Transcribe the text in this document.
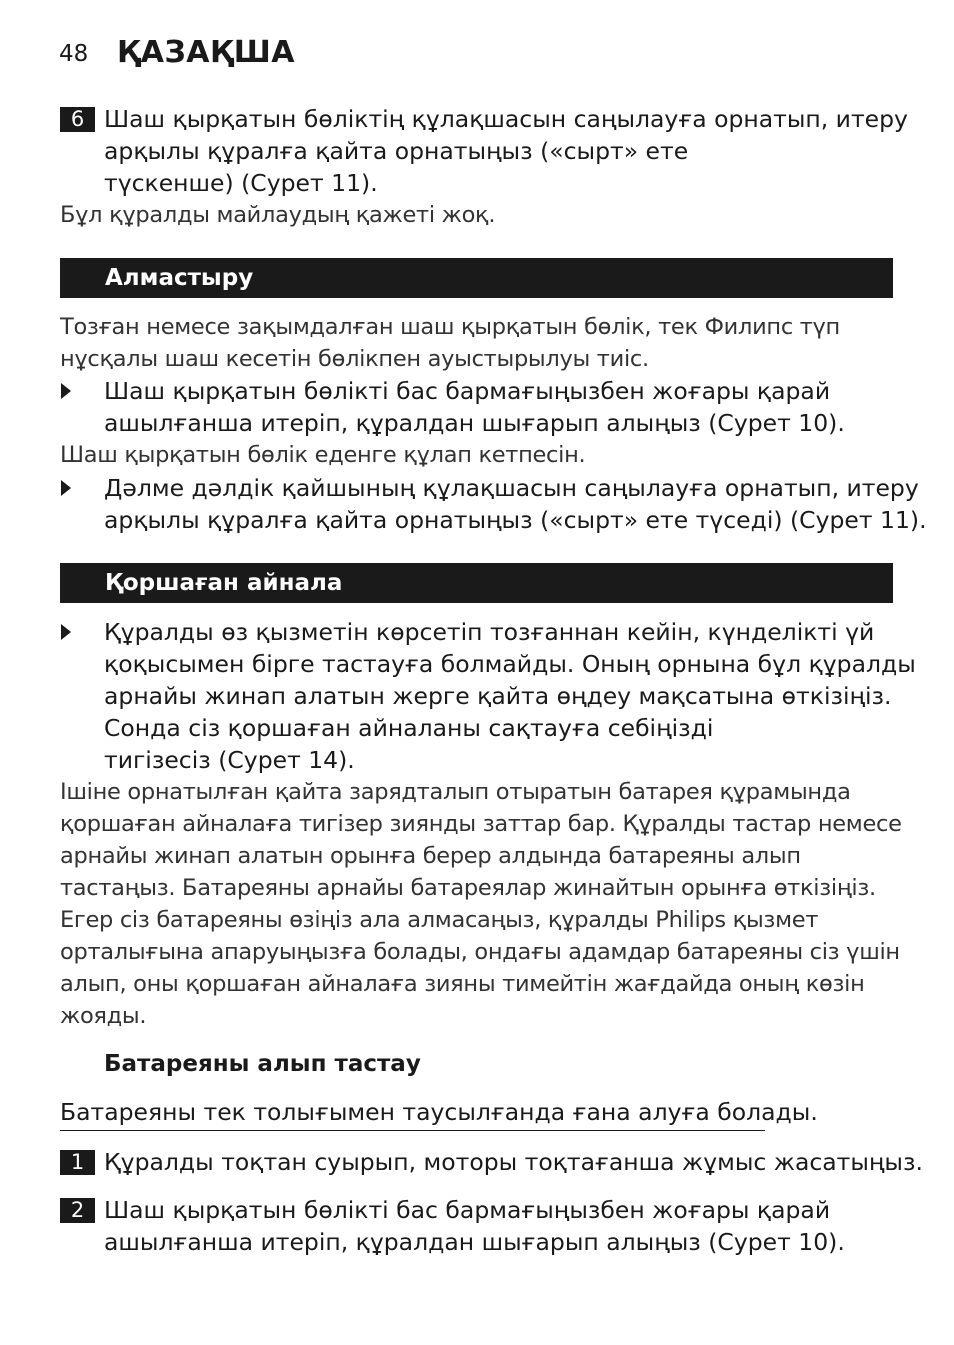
48 ҚАЗАҚША
6 Шаш қырқатын бөліктің құлақшасын саңылауға орнатып, итеру
арқылы құралға қайта орнатыңыз («сырт» ете
түскенше) (Сурет 11).
Бұл құралды майлаудың қажеті жоқ.
Алмастыру
Тозған немесе зақымдалған шаш қырқатын бөлік, тек Филипс түп
нұсқалы шаш кесетін бөлікпен ауыстырылуы тиіс.
Шаш қырқатын бөлікті бас бармағыңызбен жоғары қарай
ашылғанша итеріп, құралдан шығарып алыңыз (Сурет 10).
Шаш қырқатын бөлік еденге құлап кетпесін.
Дәлме дәлдік қайшының құлақшасын саңылауға орнатып, итеру
арқылы құралға қайта орнатыңыз («сырт» ете түседі) (Сурет 11).
Қоршаған айнала
Құралды өз қызметін көрсетіп тозғаннан кейін, күнделікті үй
қоқысымен бірге тастауға болмайды. Оның орнына бұл құралды
арнайы жинап алатын жерге қайта өңдеу мақсатына өткізіңіз.
Сонда сіз қоршаған айналаны сақтауға себіңізді
тигізесіз (Сурет 14).
Ішіне орнатылған қайта зарядталып отыратын батарея құрамында
қоршаған айналаға тигізер зиянды заттар бар. Құралды тастар немесе
арнайы жинап алатын орынға берер алдында батареяны алып
тастаңыз. Батареяны арнайы батареялар жинайтын орынға өткізіңіз.
Егер сіз батареяны өзіңіз ала алмасаңыз, құралды Philips қызмет
орталығына апаруыңызға болады, ондағы адамдар батареяны сіз үшін
алып, оны қоршаған айналаға зияны тимейтін жағдайда оның көзін
жояды.
Батареяны алып тастау
Батареяны тек толығымен таусылғанда ғана алуға болады.
1 Құралды тоқтан суырып, моторы тоқтағанша жұмыс жасатыңыз.
2 Шаш қырқатын бөлікті бас бармағыңызбен жоғары қарай
ашылғанша итеріп, құралдан шығарып алыңыз (Сурет 10).
